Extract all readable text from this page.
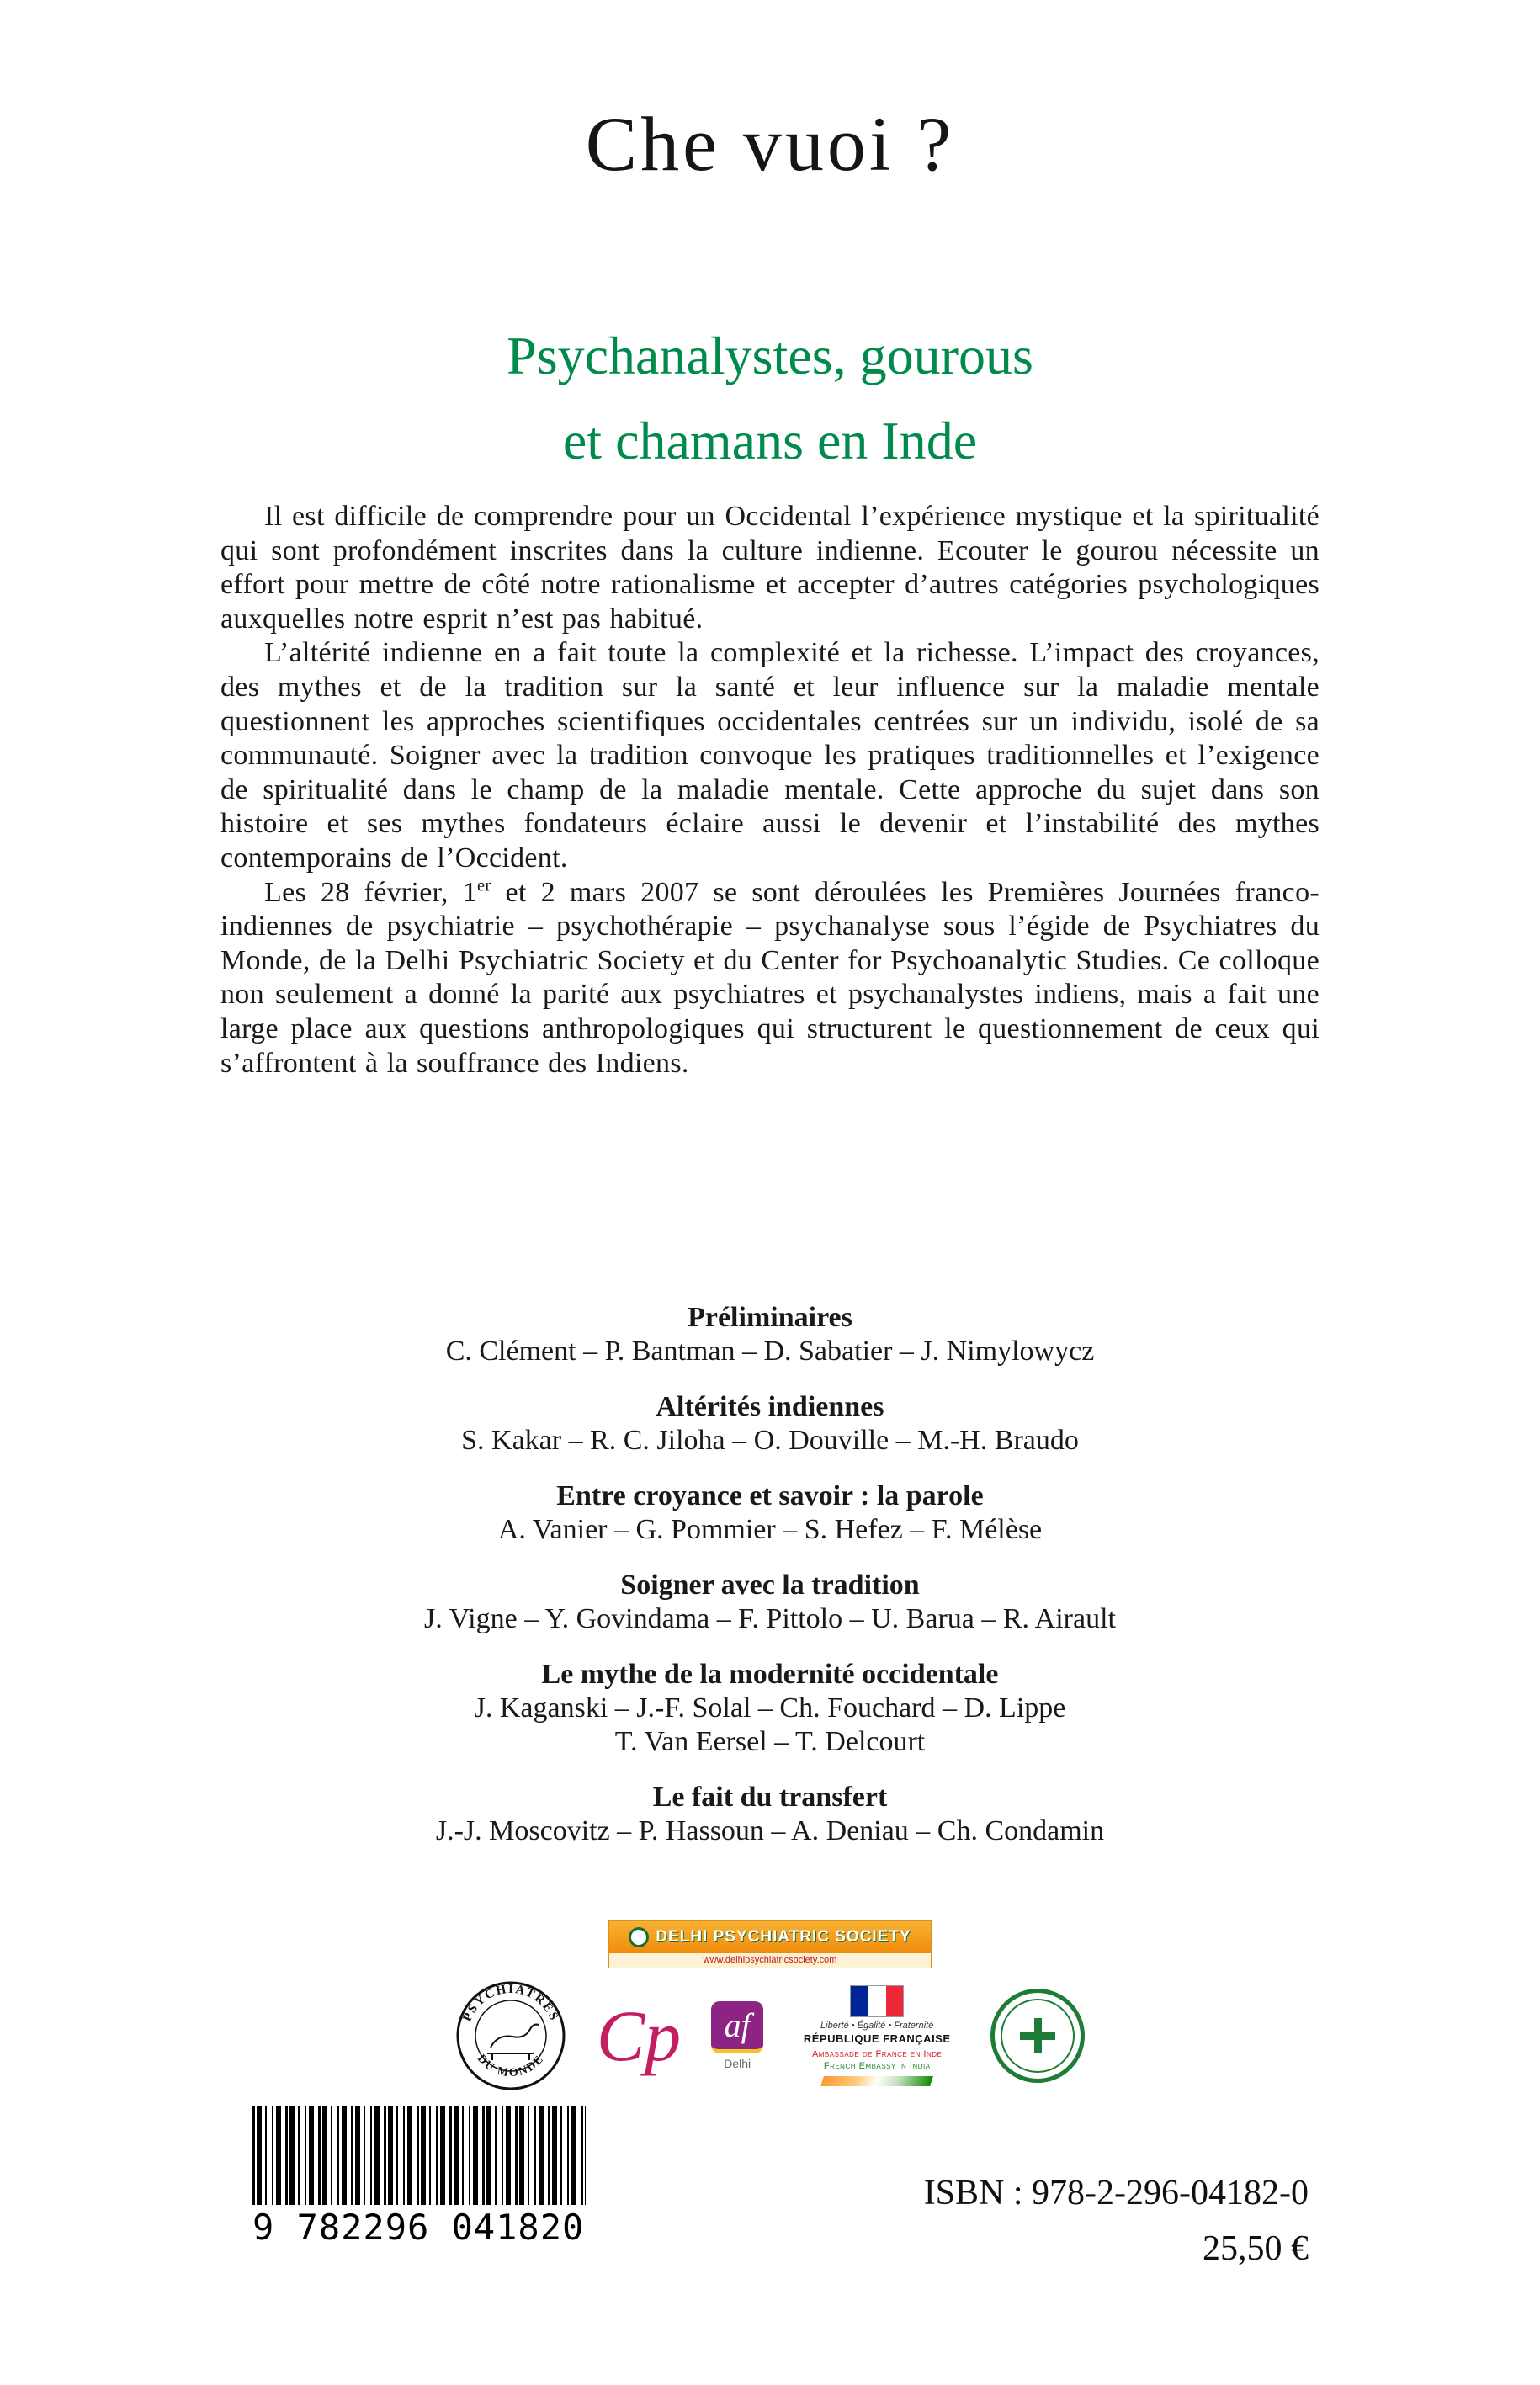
Che vuoi ?
Psychanalystes, gourous
et chamans en Inde

Il est difficile de comprendre pour un Occidental l’expérience mystique et la spiritualité qui sont profondément inscrites dans la culture indienne. Ecouter le gourou nécessite un effort pour mettre de côté notre rationalisme et accepter d’autres catégories psychologiques auxquelles notre esprit n’est pas habitué.

L’altérité indienne en a fait toute la complexité et la richesse. L’impact des croyances, des mythes et de la tradition sur la santé et leur influence sur la maladie mentale questionnent les approches scientifiques occidentales centrées sur un individu, isolé de sa communauté. Soigner avec la tradition convoque les pratiques traditionnelles et l’exigence de spiritualité dans le champ de la maladie mentale. Cette approche du sujet dans son histoire et ses mythes fondateurs éclaire aussi le devenir et l’instabilité des mythes contemporains de l’Occident.

Les 28 février, 1er et 2 mars 2007 se sont déroulées les Premières Journées franco-indiennes de psychiatrie – psychothérapie – psychanalyse sous l’égide de Psychiatres du Monde, de la Delhi Psychiatric Society et du Center for Psychoanalytic Studies. Ce colloque non seulement a donné la parité aux psychiatres et psychanalystes indiens, mais a fait une large place aux questions anthropologiques qui structurent le questionnement de ceux qui s’affrontent à la souffrance des Indiens.

Préliminaires
C. Clément – P. Bantman – D. Sabatier – J. Nimylowycz
Altérités indiennes
S. Kakar – R. C. Jiloha – O. Douville – M.-H. Braudo
Entre croyance et savoir : la parole
A. Vanier – G. Pommier – S. Hefez – F. Mélèse
Soigner avec la tradition
J. Vigne – Y. Govindama – F. Pittolo – U. Barua – R. Airault
Le mythe de la modernité occidentale
J. Kaganski – J.-F. Solal – Ch. Fouchard – D. Lippe
T. Van Eersel – T. Delcourt
Le fait du transfert
J.-J. Moscovitz – P. Hassoun – A. Deniau – Ch. Condamin
DELHI PSYCHIATRIC SOCIETY
www.delhipsychiatricsociety.com
PSYCHIATRES
DU MONDE Cp af
Delhi
Liberté • Égalité • Fraternité
RÉPUBLIQUE FRANÇAISE
Ambassade de France en Inde
French Embassy in India
9 782296 041820
ISBN : 978-2-296-04182-0
25,50 €
